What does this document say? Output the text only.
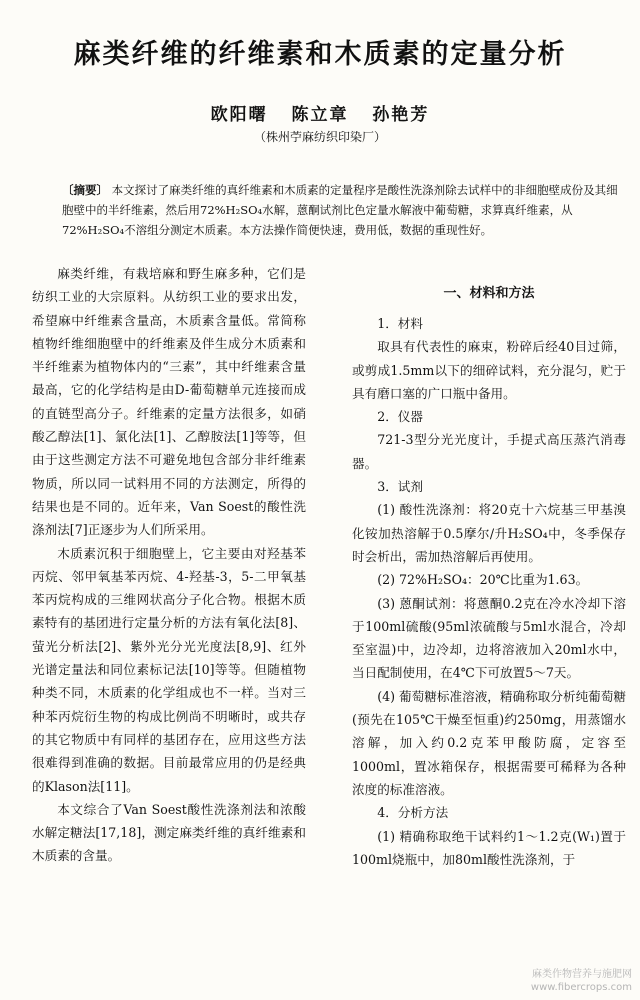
麻类纤维的纤维素和木质素的定量分析
欧阳曙 陈立章 孙艳芳
（株州苧麻纺织印染厂）

〔摘要〕 本文探讨了麻类纤维的真纤维素和木质素的定量程序是酸性洗涤剂除去试样中的非细胞壁成份及其细胞壁中的半纤维素，然后用72%H₂SO₄水解，蒽酮试剂比色定量水解液中葡萄糖，求算真纤维素，从72%H₂SO₄不溶组分测定木质素。本方法操作简便快速，费用低，数据的重现性好。

麻类纤维，有栽培麻和野生麻多种，它们是纺织工业的大宗原料。从纺织工业的要求出发，希望麻中纤维素含量高，木质素含量低。常简称植物纤维细胞壁中的纤维素及伴生成分木质素和半纤维素为植物体内的“三素”，其中纤维素含量最高，它的化学结构是由D-葡萄糖单元连接而成的直链型高分子。纤维素的定量方法很多，如硝酸乙醇法[1]、氯化法[1]、乙醇胺法[1]等等，但由于这些测定方法不可避免地包含部分非纤维素物质，所以同一试料用不同的方法测定，所得的结果也是不同的。近年来，Van Soest的酸性洗涤剂法[7]正逐步为人们所采用。

木质素沉积于细胞壁上，它主要由对羟基苯丙烷、邻甲氧基苯丙烷、4-羟基-3，5-二甲氧基苯丙烷构成的三维网状高分子化合物。根据木质素特有的基团进行定量分析的方法有氧化法[8]、萤光分析法[2]、紫外光分光光度法[8,9]、红外光谱定量法和同位素标记法[10]等等。但随植物种类不同，木质素的化学组成也不一样。当对三种苯丙烷衍生物的构成比例尚不明晰时，或共存的其它物质中有同样的基团存在，应用这些方法很难得到准确的数据。目前最常应用的仍是经典的Klason法[11]。

本文综合了Van Soest酸性洗涤剂法和浓酸水解定糖法[17,18]，测定麻类纤维的真纤维素和木质素的含量。

一、材料和方法

1．材料

取具有代表性的麻束，粉碎后经40目过筛，或剪成1.5mm以下的细碎试料，充分混匀，贮于具有磨口塞的广口瓶中备用。

2．仪器

721-3型分光光度计，手提式高压蒸汽消毒器。

3．试剂

(1) 酸性洗涤剂：将20克十六烷基三甲基溴化铵加热溶解于0.5摩尔/升H₂SO₄中，冬季保存时会析出，需加热溶解后再使用。

(2) 72%H₂SO₄：20℃比重为1.63。

(3) 蒽酮试剂：将蒽酮0.2克在冷水冷却下溶于100ml硫酸(95ml浓硫酸与5ml水混合，冷却至室温)中，边冷却，边将溶液加入20ml水中，当日配制使用，在4℃下可放置5～7天。

(4) 葡萄糖标准溶液，精确称取分析纯葡萄糖(预先在105℃干燥至恒重)约250mg，用蒸馏水溶解，加入约0.2克苯甲酸防腐，定容至1000ml，置冰箱保存，根据需要可稀释为各种浓度的标准溶液。

4．分析方法

(1) 精确称取绝干试料约1～1.2克(W₁)置于100ml烧瓶中，加80ml酸性洗涤剂，于

麻类作物营养与施肥网
www.fibercrops.com
